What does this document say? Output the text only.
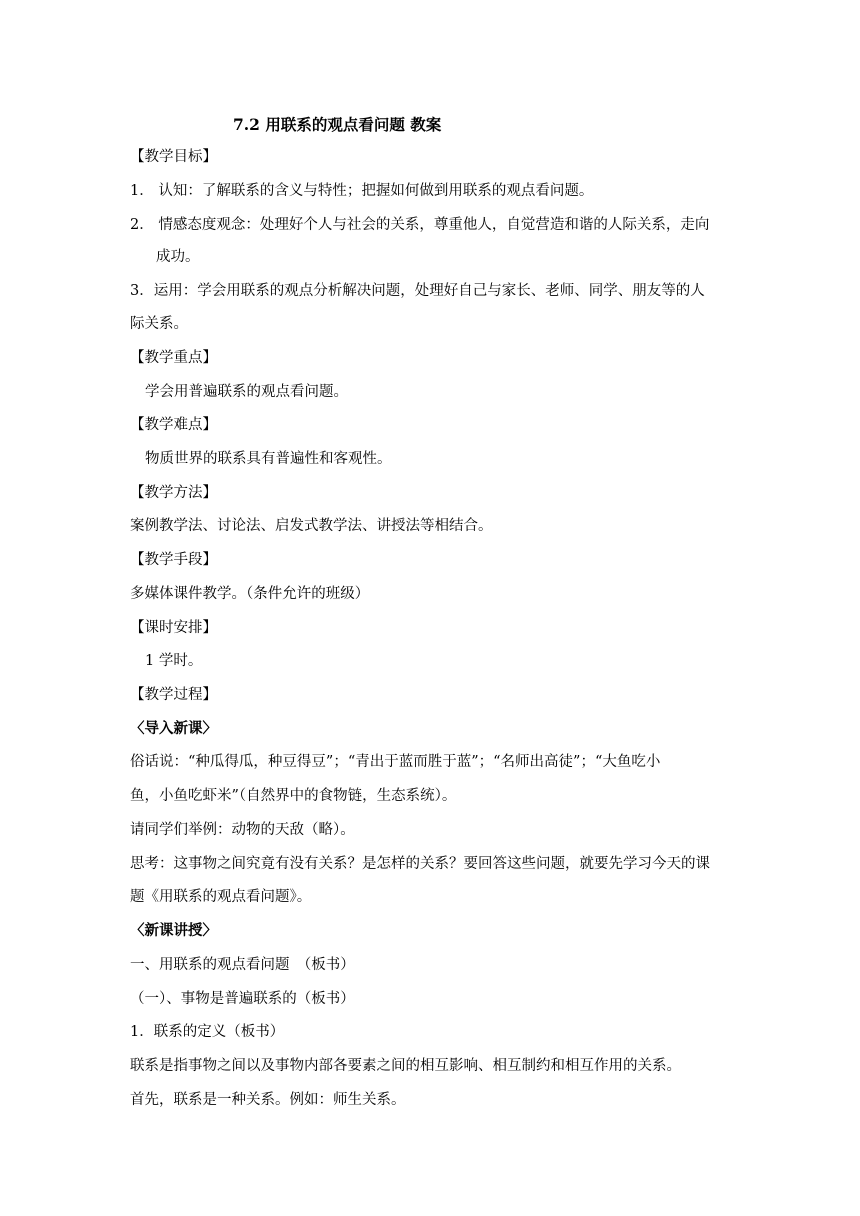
7.2 用联系的观点看问题 教案

【教学目标】

1． 认知：了解联系的含义与特性；把握如何做到用联系的观点看问题。

2． 情感态度观念：处理好个人与社会的关系，尊重他人，自觉营造和谐的人际关系，走向

成功。

3．运用：学会用联系的观点分析解决问题，处理好自己与家长、老师、同学、朋友等的人

际关系。

【教学重点】

学会用普遍联系的观点看问题。

【教学难点】

物质世界的联系具有普遍性和客观性。

【教学方法】

案例教学法、讨论法、启发式教学法、讲授法等相结合。

【教学手段】

多媒体课件教学。（条件允许的班级）

【课时安排】

1 学时。

【教学过程】

〈导入新课〉

俗话说：“种瓜得瓜，种豆得豆”；“青出于蓝而胜于蓝”；“名师出高徒”；“大鱼吃小

鱼，小鱼吃虾米”（自然界中的食物链，生态系统）。

请同学们举例：动物的天敌（略）。

思考：这事物之间究竟有没有关系？是怎样的关系？要回答这些问题，就要先学习今天的课

题《用联系的观点看问题》。

〈新课讲授〉

一、用联系的观点看问题　（板书）

（一）、事物是普遍联系的（板书）

1．联系的定义（板书）

联系是指事物之间以及事物内部各要素之间的相互影响、相互制约和相互作用的关系。

首先，联系是一种关系。例如：师生关系。
